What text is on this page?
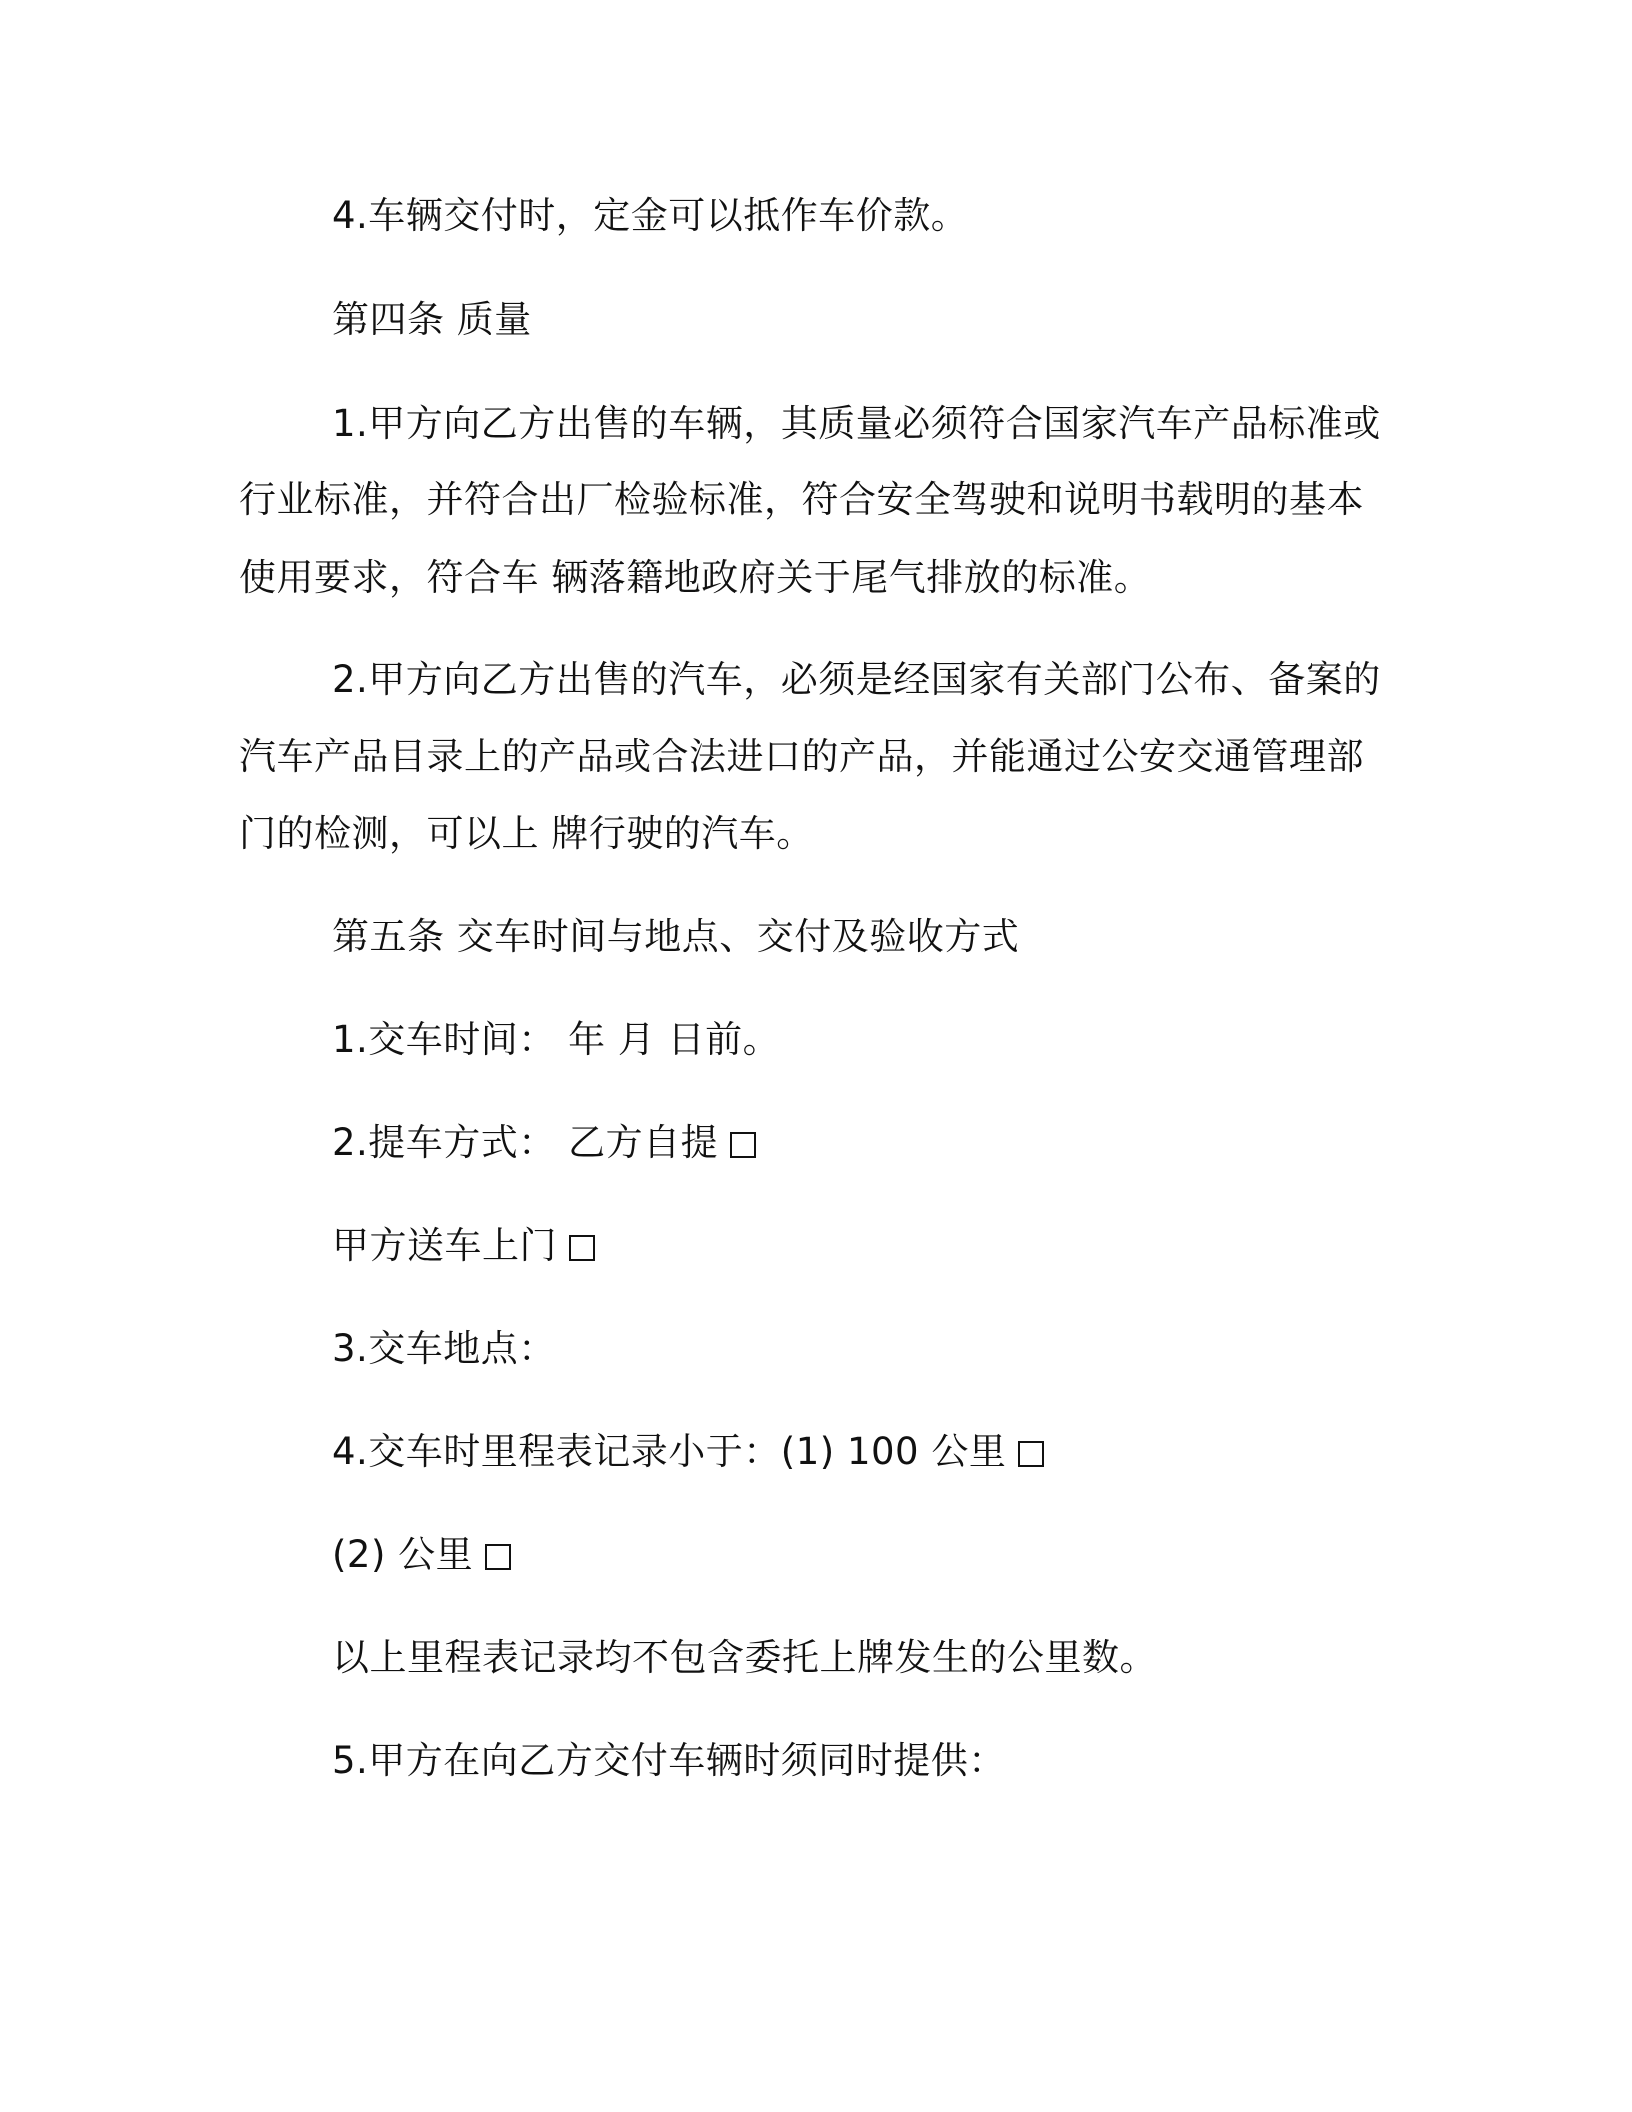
4.车辆交付时，定金可以抵作车价款。
第四条 质量
1.甲方向乙方出售的车辆，其质量必须符合国家汽车产品标准或
行业标准，并符合出厂检验标准，符合安全驾驶和说明书载明的基本
使用要求，符合车 辆落籍地政府关于尾气排放的标准。
2.甲方向乙方出售的汽车，必须是经国家有关部门公布、备案的
汽车产品目录上的产品或合法进口的产品，并能通过公安交通管理部
门的检测，可以上 牌行驶的汽车。
第五条 交车时间与地点、交付及验收方式
1.交车时间： 年 月 日前。
2.提车方式： 乙方自提
甲方送车上门
3.交车地点：
4.交车时里程表记录小于：(1) 100 公里
(2) 公里
以上里程表记录均不包含委托上牌发生的公里数。
5.甲方在向乙方交付车辆时须同时提供：
